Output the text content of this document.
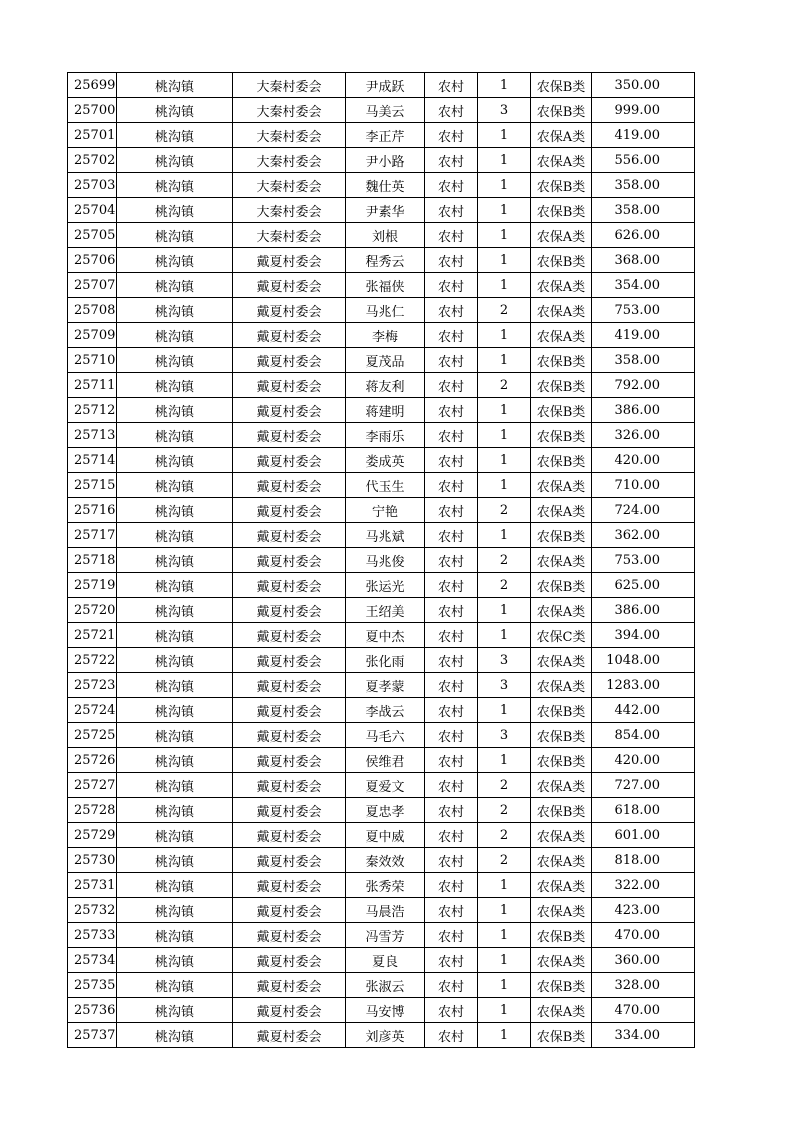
25699	桃沟镇	大秦村委会	尹成跃	农村	1	农保B类	350.00
25700	桃沟镇	大秦村委会	马美云	农村	3	农保B类	999.00
25701	桃沟镇	大秦村委会	李正芹	农村	1	农保A类	419.00
25702	桃沟镇	大秦村委会	尹小路	农村	1	农保A类	556.00
25703	桃沟镇	大秦村委会	魏仕英	农村	1	农保B类	358.00
25704	桃沟镇	大秦村委会	尹素华	农村	1	农保B类	358.00
25705	桃沟镇	大秦村委会	刘根	农村	1	农保A类	626.00
25706	桃沟镇	戴夏村委会	程秀云	农村	1	农保B类	368.00
25707	桃沟镇	戴夏村委会	张福侠	农村	1	农保A类	354.00
25708	桃沟镇	戴夏村委会	马兆仁	农村	2	农保A类	753.00
25709	桃沟镇	戴夏村委会	李梅	农村	1	农保A类	419.00
25710	桃沟镇	戴夏村委会	夏茂品	农村	1	农保B类	358.00
25711	桃沟镇	戴夏村委会	蒋友利	农村	2	农保B类	792.00
25712	桃沟镇	戴夏村委会	蒋建明	农村	1	农保B类	386.00
25713	桃沟镇	戴夏村委会	李雨乐	农村	1	农保B类	326.00
25714	桃沟镇	戴夏村委会	娄成英	农村	1	农保B类	420.00
25715	桃沟镇	戴夏村委会	代玉生	农村	1	农保A类	710.00
25716	桃沟镇	戴夏村委会	宁艳	农村	2	农保A类	724.00
25717	桃沟镇	戴夏村委会	马兆斌	农村	1	农保B类	362.00
25718	桃沟镇	戴夏村委会	马兆俊	农村	2	农保A类	753.00
25719	桃沟镇	戴夏村委会	张运光	农村	2	农保B类	625.00
25720	桃沟镇	戴夏村委会	王绍美	农村	1	农保A类	386.00
25721	桃沟镇	戴夏村委会	夏中杰	农村	1	农保C类	394.00
25722	桃沟镇	戴夏村委会	张化雨	农村	3	农保A类	1048.00
25723	桃沟镇	戴夏村委会	夏孝蒙	农村	3	农保A类	1283.00
25724	桃沟镇	戴夏村委会	李战云	农村	1	农保B类	442.00
25725	桃沟镇	戴夏村委会	马毛六	农村	3	农保B类	854.00
25726	桃沟镇	戴夏村委会	侯维君	农村	1	农保B类	420.00
25727	桃沟镇	戴夏村委会	夏爱文	农村	2	农保A类	727.00
25728	桃沟镇	戴夏村委会	夏忠孝	农村	2	农保B类	618.00
25729	桃沟镇	戴夏村委会	夏中威	农村	2	农保A类	601.00
25730	桃沟镇	戴夏村委会	秦效效	农村	2	农保A类	818.00
25731	桃沟镇	戴夏村委会	张秀荣	农村	1	农保A类	322.00
25732	桃沟镇	戴夏村委会	马晨浩	农村	1	农保A类	423.00
25733	桃沟镇	戴夏村委会	冯雪芳	农村	1	农保B类	470.00
25734	桃沟镇	戴夏村委会	夏良	农村	1	农保A类	360.00
25735	桃沟镇	戴夏村委会	张淑云	农村	1	农保B类	328.00
25736	桃沟镇	戴夏村委会	马安博	农村	1	农保A类	470.00
25737	桃沟镇	戴夏村委会	刘彦英	农村	1	农保B类	334.00
